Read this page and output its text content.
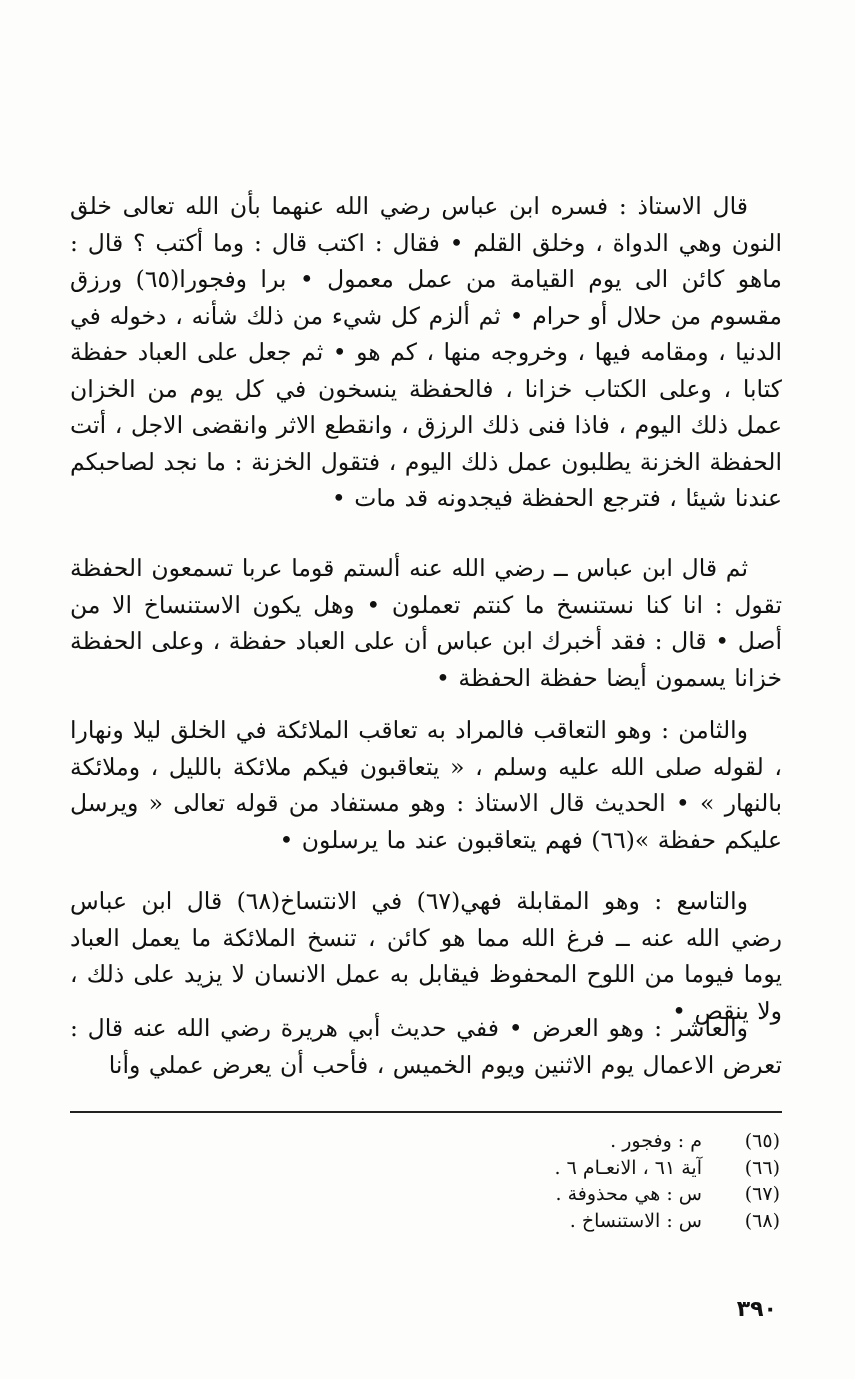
قال الاستاذ : فسره ابن عباس رضي الله عنهما بأن الله تعالى خلق النون وهي الدواة ، وخلق القلم • فقال : اكتب قال : وما أكتب ؟ قال : ماهو كائن الى يوم القيامة من عمل معمول • برا وفجورا(٦٥) ورزق مقسوم من حلال أو حرام • ثم ألزم كل شيء من ذلك شأنه ، دخوله في الدنيا ، ومقامه فيها ، وخروجه منها ، كم هو • ثم جعل على العباد حفظة كتابا ، وعلى الكتاب خزانا ، فالحفظة ينسخون في كل يوم من الخزان عمل ذلك اليوم ، فاذا فنى ذلك الرزق ، وانقطع الاثر وانقضى الاجل ، أتت الحفظة الخزنة يطلبون عمل ذلك اليوم ، فتقول الخزنة : ما نجد لصاحبكم عندنا شيئا ، فترجع الحفظة فيجدونه قد مات •

ثم قال ابن عباس ــ رضي الله عنه ألستم قوما عربا تسمعون الحفظة تقول : انا كنا نستنسخ ما كنتم تعملون • وهل يكون الاستنساخ الا من أصل • قال : فقد أخبرك ابن عباس أن على العباد حفظة ، وعلى الحفظة خزانا يسمون أيضا حفظة الحفظة •

والثامن : وهو التعاقب فالمراد به تعاقب الملائكة في الخلق ليلا ونهارا ، لقوله صلى الله عليه وسلم ، « يتعاقبون فيكم ملائكة بالليل ، وملائكة بالنهار » • الحديث قال الاستاذ : وهو مستفاد من قوله تعالى « ويرسل عليكم حفظة »(٦٦) فهم يتعاقبون عند ما يرسلون •

والتاسع : وهو المقابلة فهي(٦٧) في الانتساخ(٦٨) قال ابن عباس رضي الله عنه ــ فرغ الله مما هو كائن ، تنسخ الملائكة ما يعمل العباد يوما فيوما من اللوح المحفوظ فيقابل به عمل الانسان لا يزيد على ذلك ، ولا ينقص •

والعاشر : وهو العرض • ففي حديث أبي هريرة رضي الله عنه قال : تعرض الاعمال يوم الاثنين ويوم الخميس ، فأحب أن يعرض عملي وأنا

(٦٥)
م : وفجور .
(٦٦)
آية ٦١ ، الانعـام ٦ .
(٦٧)
س : هي محذوفة .
(٦٨)
س : الاستنساخ .
٣٩٠
